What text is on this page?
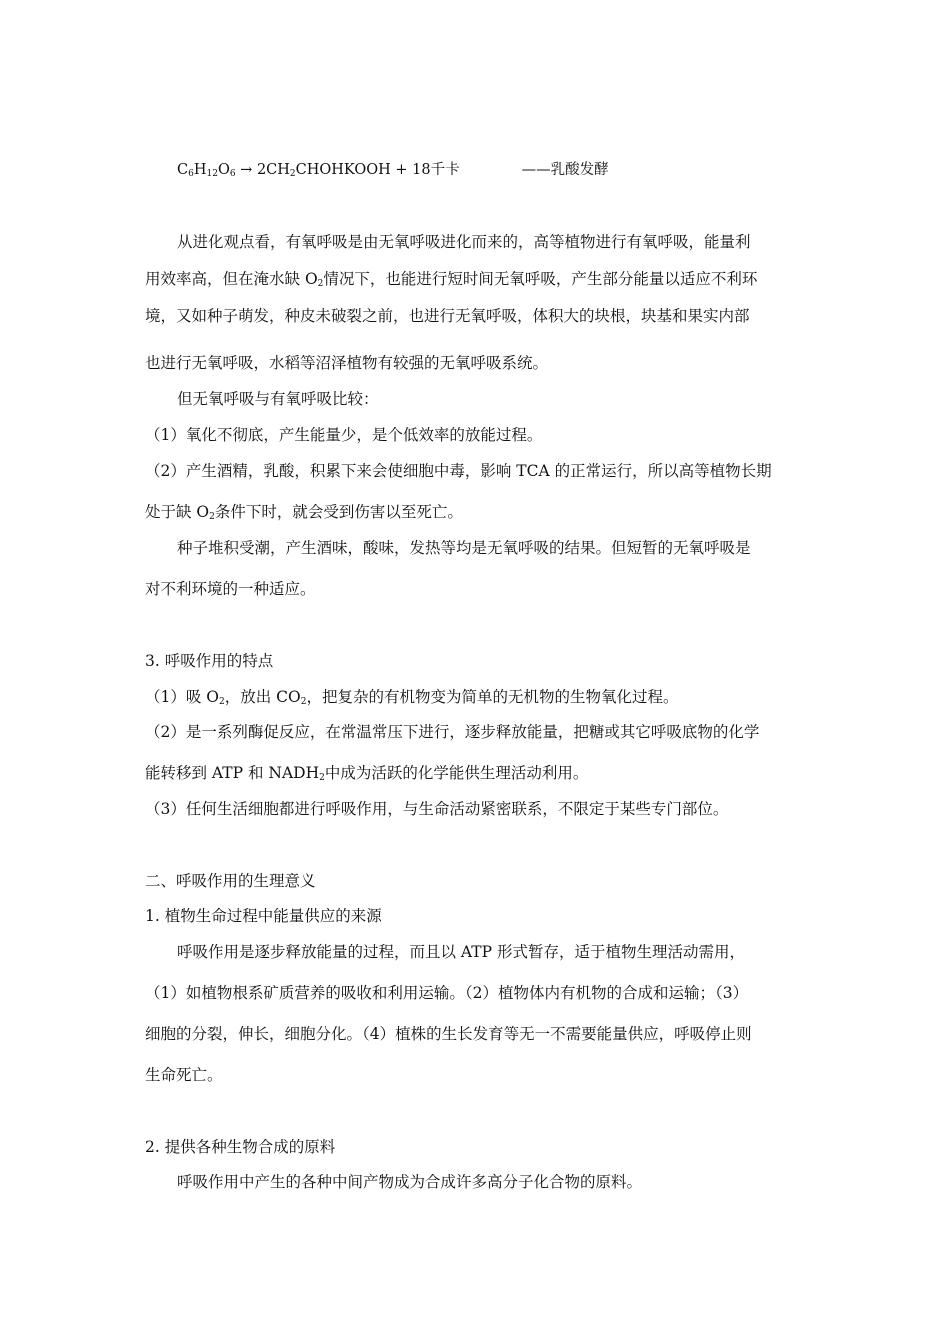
$C_6H_{12}O_6$ → $2CH_2CHOHKOOH + 18$千卡	——乳酸发酵
从进化观点看，有氧呼吸是由无氧呼吸进化而来的，高等植物进行有氧呼吸，能量利
用效率高，但在淹水缺 $O_2$情况下，也能进行短时间无氧呼吸，产生部分能量以适应不利环
境，又如种子萌发，种皮未破裂之前，也进行无氧呼吸，体积大的块根，块基和果实内部
也进行无氧呼吸，水稻等沼泽植物有较强的无氧呼吸系统。
但无氧呼吸与有氧呼吸比较：
（1）氧化不彻底，产生能量少，是个低效率的放能过程。
（2）产生酒精，乳酸，积累下来会使细胞中毒，影响 TCA 的正常运行，所以高等植物长期
处于缺 $O_2$条件下时，就会受到伤害以至死亡。
种子堆积受潮，产生酒味，酸味，发热等均是无氧呼吸的结果。但短暂的无氧呼吸是
对不利环境的一种适应。
3. 呼吸作用的特点
（1）吸 $O_2$，放出 $CO_2$，把复杂的有机物变为简单的无机物的生物氧化过程。
（2）是一系列酶促反应，在常温常压下进行，逐步释放能量，把糖或其它呼吸底物的化学
能转移到 ATP 和 $NADH_2$中成为活跃的化学能供生理活动利用。
（3）任何生活细胞都进行呼吸作用，与生命活动紧密联系，不限定于某些专门部位。
二、呼吸作用的生理意义
1. 植物生命过程中能量供应的来源
呼吸作用是逐步释放能量的过程，而且以 ATP 形式暂存，适于植物生理活动需用，
（1）如植物根系矿质营养的吸收和利用运输。（2）植物体内有机物的合成和运输；（3）
细胞的分裂，伸长，细胞分化。（4）植株的生长发育等无一不需要能量供应，呼吸停止则
生命死亡。
2. 提供各种生物合成的原料
呼吸作用中产生的各种中间产物成为合成许多高分子化合物的原料。
